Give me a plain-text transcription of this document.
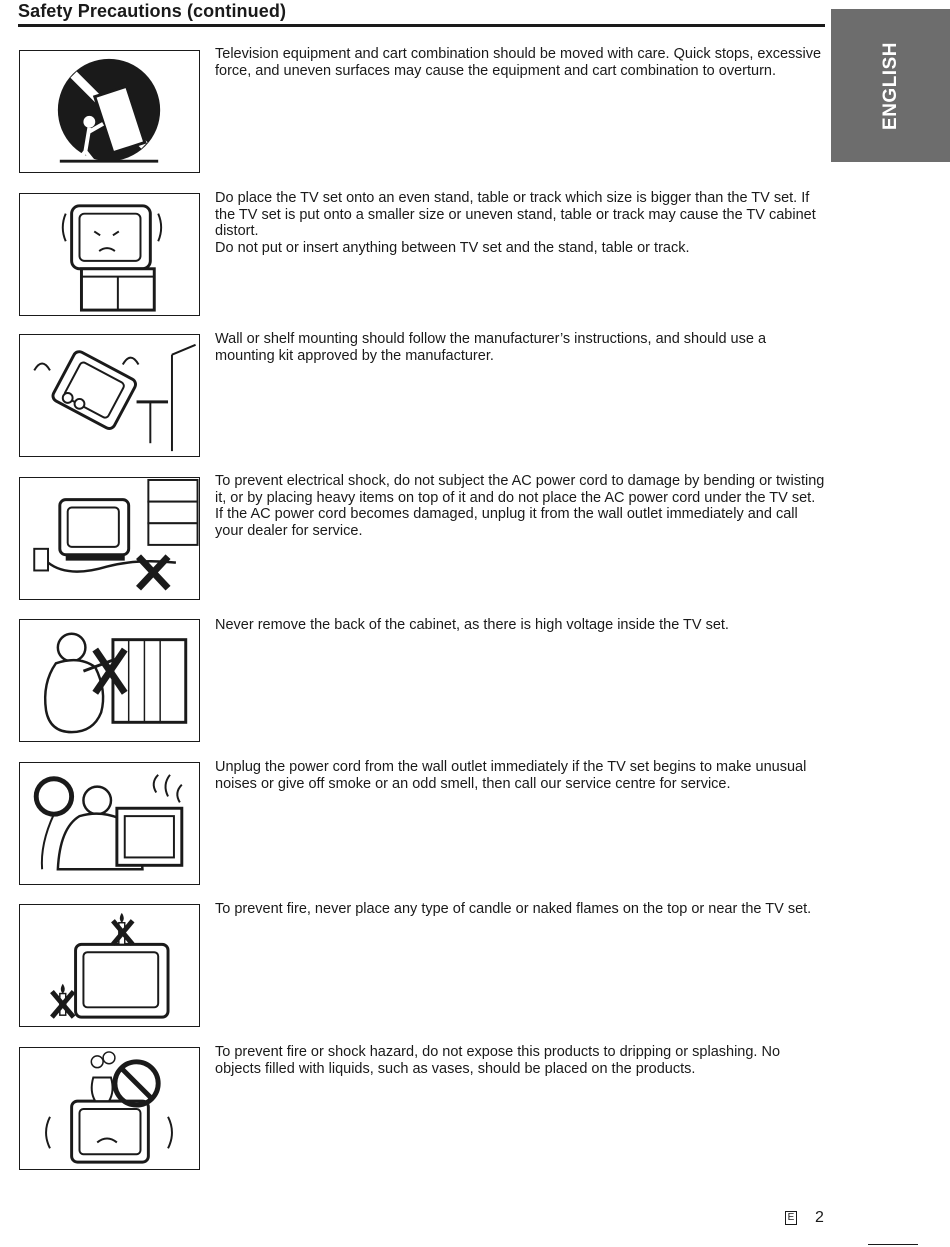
Safety Precautions (continued)
ENGLISH

Television equipment and cart combination should be moved with care. Quick stops, excessive force, and uneven surfaces may cause the equipment and cart combination to overturn.

Do place the TV set onto an even stand, table or track which size is bigger than the TV set. If the TV set is put onto a smaller size or uneven stand, table or track may cause the TV cabinet distort.
Do not put or insert anything between TV set and the stand, table or track.

Wall or shelf mounting should follow the manufacturer’s instructions, and should use a mounting kit approved by the manufacturer.

To prevent electrical shock, do not subject the AC power cord to damage by bending or twisting it, or by placing heavy items on top of it and do not place the AC power cord under the TV set. If the AC power cord becomes damaged, unplug it from the wall outlet immediately and call your dealer for service.

Never remove the back of the cabinet, as there is high voltage inside the TV set.

Unplug the power cord from the wall outlet immediately if the TV set begins to make unusual noises or give off smoke or an odd smell, then call our service centre for service.

To prevent fire, never place any type of candle or naked flames on the top or near the TV set.

To prevent fire or shock hazard, do not expose this products to dripping or splashing. No objects filled with liquids, such as vases, should be placed on the products.

E 2
